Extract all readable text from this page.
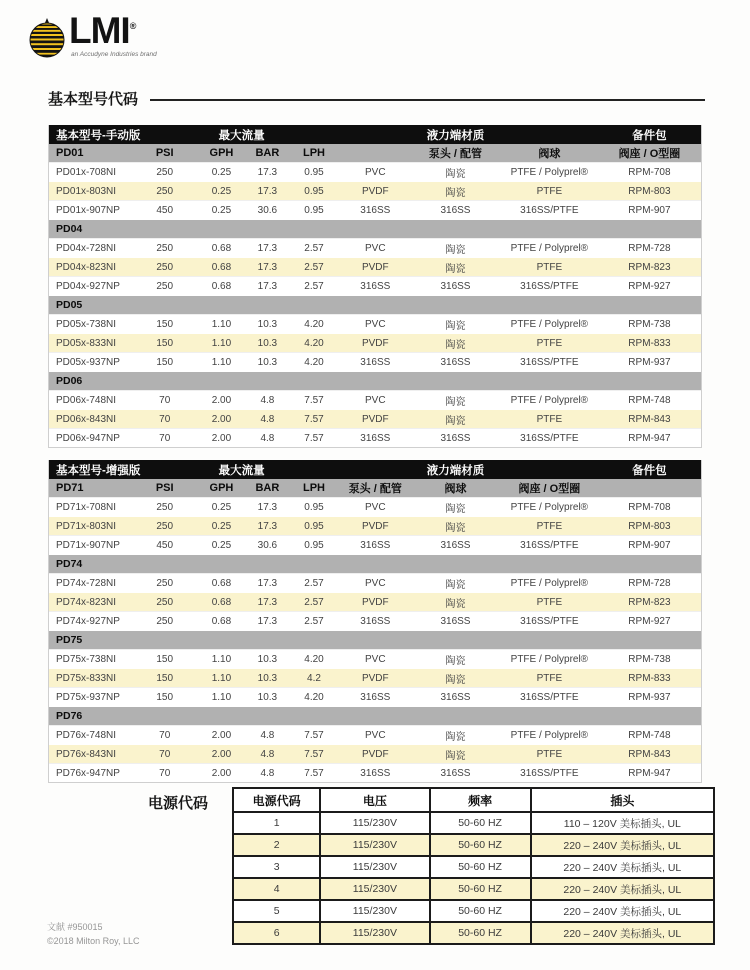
LMI®
an Accudyne Industries brand
基本型号代码
基本型号-手动版	最大流量	液力端材质	备件包
PD01	PSI	GPH	BAR	LPH	泵头 / 配管	阀球	阀座 / O型圈
PD01x-708NI	250	0.25	17.3	0.95	PVC	陶瓷	PTFE / Polyprel®	RPM-708
PD01x-803NI	250	0.25	17.3	0.95	PVDF	陶瓷	PTFE	RPM-803
PD01x-907NP	450	0.25	30.6	0.95	316SS	316SS	316SS/PTFE	RPM-907
PD04
PD04x-728NI	250	0.68	17.3	2.57	PVC	陶瓷	PTFE / Polyprel®	RPM-728
PD04x-823NI	250	0.68	17.3	2.57	PVDF	陶瓷	PTFE	RPM-823
PD04x-927NP	250	0.68	17.3	2.57	316SS	316SS	316SS/PTFE	RPM-927
PD05
PD05x-738NI	150	1.10	10.3	4.20	PVC	陶瓷	PTFE / Polyprel®	RPM-738
PD05x-833NI	150	1.10	10.3	4.20	PVDF	陶瓷	PTFE	RPM-833
PD05x-937NP	150	1.10	10.3	4.20	316SS	316SS	316SS/PTFE	RPM-937
PD06
PD06x-748NI	70	2.00	4.8	7.57	PVC	陶瓷	PTFE / Polyprel®	RPM-748
PD06x-843NI	70	2.00	4.8	7.57	PVDF	陶瓷	PTFE	RPM-843
PD06x-947NP	70	2.00	4.8	7.57	316SS	316SS	316SS/PTFE	RPM-947
基本型号-增强版	最大流量	液力端材质	备件包
PD71	PSI	GPH	BAR	LPH	泵头 / 配管	阀球	阀座 / O型圈
PD71x-708NI	250	0.25	17.3	0.95	PVC	陶瓷	PTFE / Polyprel®	RPM-708
PD71x-803NI	250	0.25	17.3	0.95	PVDF	陶瓷	PTFE	RPM-803
PD71x-907NP	450	0.25	30.6	0.95	316SS	316SS	316SS/PTFE	RPM-907
PD74
PD74x-728NI	250	0.68	17.3	2.57	PVC	陶瓷	PTFE / Polyprel®	RPM-728
PD74x-823NI	250	0.68	17.3	2.57	PVDF	陶瓷	PTFE	RPM-823
PD74x-927NP	250	0.68	17.3	2.57	316SS	316SS	316SS/PTFE	RPM-927
PD75
PD75x-738NI	150	1.10	10.3	4.20	PVC	陶瓷	PTFE / Polyprel®	RPM-738
PD75x-833NI	150	1.10	10.3	4.2	PVDF	陶瓷	PTFE	RPM-833
PD75x-937NP	150	1.10	10.3	4.20	316SS	316SS	316SS/PTFE	RPM-937
PD76
PD76x-748NI	70	2.00	4.8	7.57	PVC	陶瓷	PTFE / Polyprel®	RPM-748
PD76x-843NI	70	2.00	4.8	7.57	PVDF	陶瓷	PTFE	RPM-843
PD76x-947NP	70	2.00	4.8	7.57	316SS	316SS	316SS/PTFE	RPM-947
电源代码	电源代码	电压	频率	插头
1	115/230V	50-60 HZ	110 – 120V 美标插头, UL
2	115/230V	50-60 HZ	220 – 240V 美标插头, UL
3	115/230V	50-60 HZ	220 – 240V 美标插头, UL
4	115/230V	50-60 HZ	220 – 240V 美标插头, UL
5	115/230V	50-60 HZ	220 – 240V 美标插头, UL
6	115/230V	50-60 HZ	220 – 240V 美标插头, UL
文献 #950015
©2018 Milton Roy, LLC
